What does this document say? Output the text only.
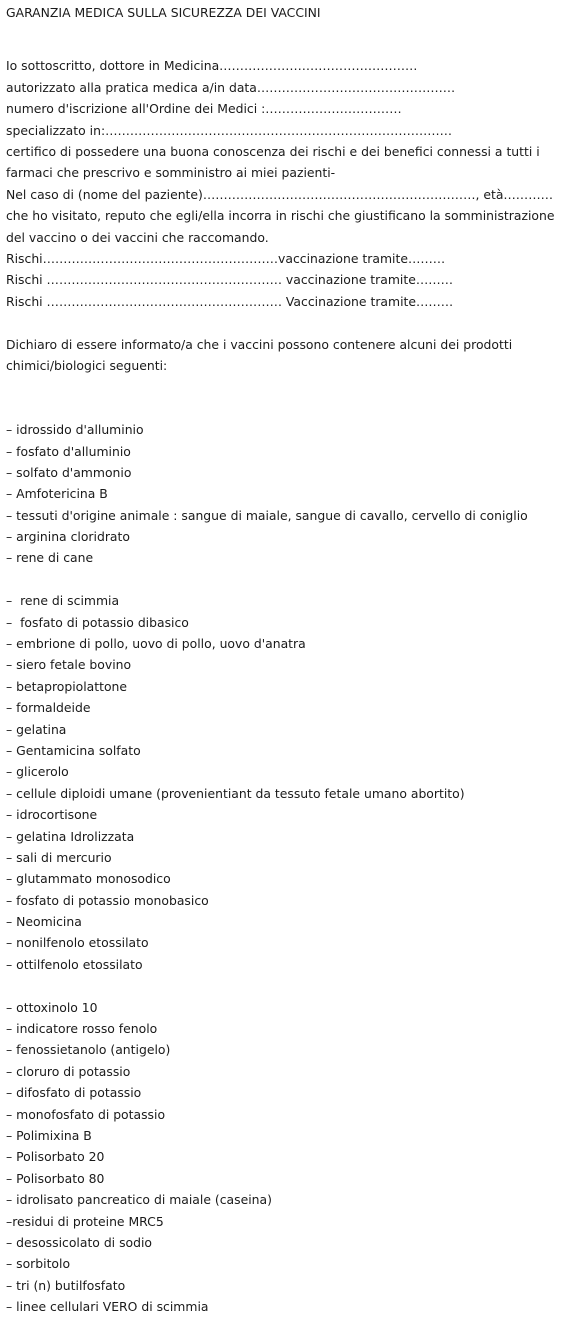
GARANZIA MEDICA SULLA SICUREZZA DEI VACCINI
Io sottoscritto, dottore in Medicina…………………………………………
autorizzato alla pratica medica a/in data…………………………………………
numero d'iscrizione all'Ordine dei Medici :……………………………
specializzato in:…………………………………………………………………………
certifico di possedere una buona conoscenza dei rischi e dei benefici connessi a tutti i
farmaci che prescrivo e somministro ai miei pazienti-
Nel caso di (nome del paziente)…………………………………………………………, età…………
che ho visitato, reputo che egli/ella incorra in rischi che giustificano la somministrazione
del vaccino o dei vaccini che raccomando.
Rischi…………………………………………………vaccinazione tramite………
Rischi ………………………………………………… vaccinazione tramite………
Rischi ………………………………………………… Vaccinazione tramite………
Dichiaro di essere informato/a che i vaccini possono contenere alcuni dei prodotti
chimici/biologici seguenti:
– idrossido d'alluminio
– fosfato d'alluminio
– solfato d'ammonio
– Amfotericina B
– tessuti d'origine animale : sangue di maiale, sangue di cavallo, cervello di coniglio
– arginina cloridrato
– rene di cane
–  rene di scimmia
–  fosfato di potassio dibasico
– embrione di pollo, uovo di pollo, uovo d'anatra
– siero fetale bovino
– betapropiolattone
– formaldeide
– gelatina
– Gentamicina solfato
– glicerolo
– cellule diploidi umane (provenientiant da tessuto fetale umano abortito)
– idrocortisone
– gelatina Idrolizzata
– sali di mercurio
– glutammato monosodico
– fosfato di potassio monobasico
– Neomicina
– nonilfenolo etossilato
– ottilfenolo etossilato
– ottoxinolo 10
– indicatore rosso fenolo
– fenossietanolo (antigelo)
– cloruro di potassio
– difosfato di potassio
– monofosfato di potassio
– Polimixina B
– Polisorbato 20
– Polisorbato 80
– idrolisato pancreatico di maiale (caseina)
–residui di proteine MRC5
– desossicolato di sodio
– sorbitolo
– tri (n) butilfosfato
– linee cellulari VERO di scimmia
